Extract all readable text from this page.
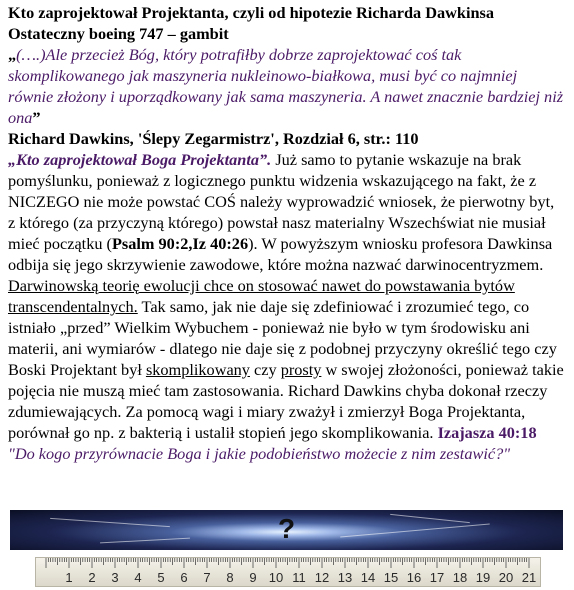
Kto zaprojektował Projektanta, czyli od hipotezie Richarda Dawkinsa

Ostateczny boeing 747 – gambit

„(….)Ale przecież Bóg, który potrafiłby dobrze zaprojektować coś tak skomplikowanego jak maszyneria nukleinowo-białkowa, musi być co najmniej równie złożony i uporządkowany jak sama maszyneria. A nawet znacznie bardziej niż ona”

Richard Dawkins, 'Ślepy Zegarmistrz', Rozdział 6, str.: 110

„Kto zaprojektował Boga Projektanta”. Już samo to pytanie wskazuje na brak pomyślunku, ponieważ z logicznego punktu widzenia wskazującego na fakt, że z NICZEGO nie może powstać COŚ należy wyprowadzić wniosek, że pierwotny byt, z którego (za przyczyną którego) powstał nasz materialny Wszechświat nie musiał mieć początku (Psalm 90:2,Iz 40:26). W powyższym wniosku profesora Dawkinsa odbija się jego skrzywienie zawodowe, które można nazwać darwinocentryzmem. Darwinowską teorię ewolucji chce on stosować nawet do powstawania bytów transcendentalnych. Tak samo, jak nie daje się zdefiniować i zrozumieć tego, co istniało „przed” Wielkim Wybuchem - ponieważ nie było w tym środowisku ani materii, ani wymiarów - dlatego nie daje się z podobnej przyczyny określić tego czy Boski Projektant był skomplikowany czy prosty w swojej złożoności, ponieważ takie pojęcia nie muszą mieć tam zastosowania. Richard Dawkins chyba dokonał rzeczy zdumiewających. Za pomocą wagi i miary zważył i zmierzył Boga Projektanta, porównał go np. z bakterią i ustalił stopień jego skomplikowania. Izajasza 40:18 "Do kogo przyrównacie Boga i jakie podobieństwo możecie z nim zestawić?"

?
1 2 3 4 5 6 7 8 9 10 11 12 13 14 15 16 17 18 19 20 21
